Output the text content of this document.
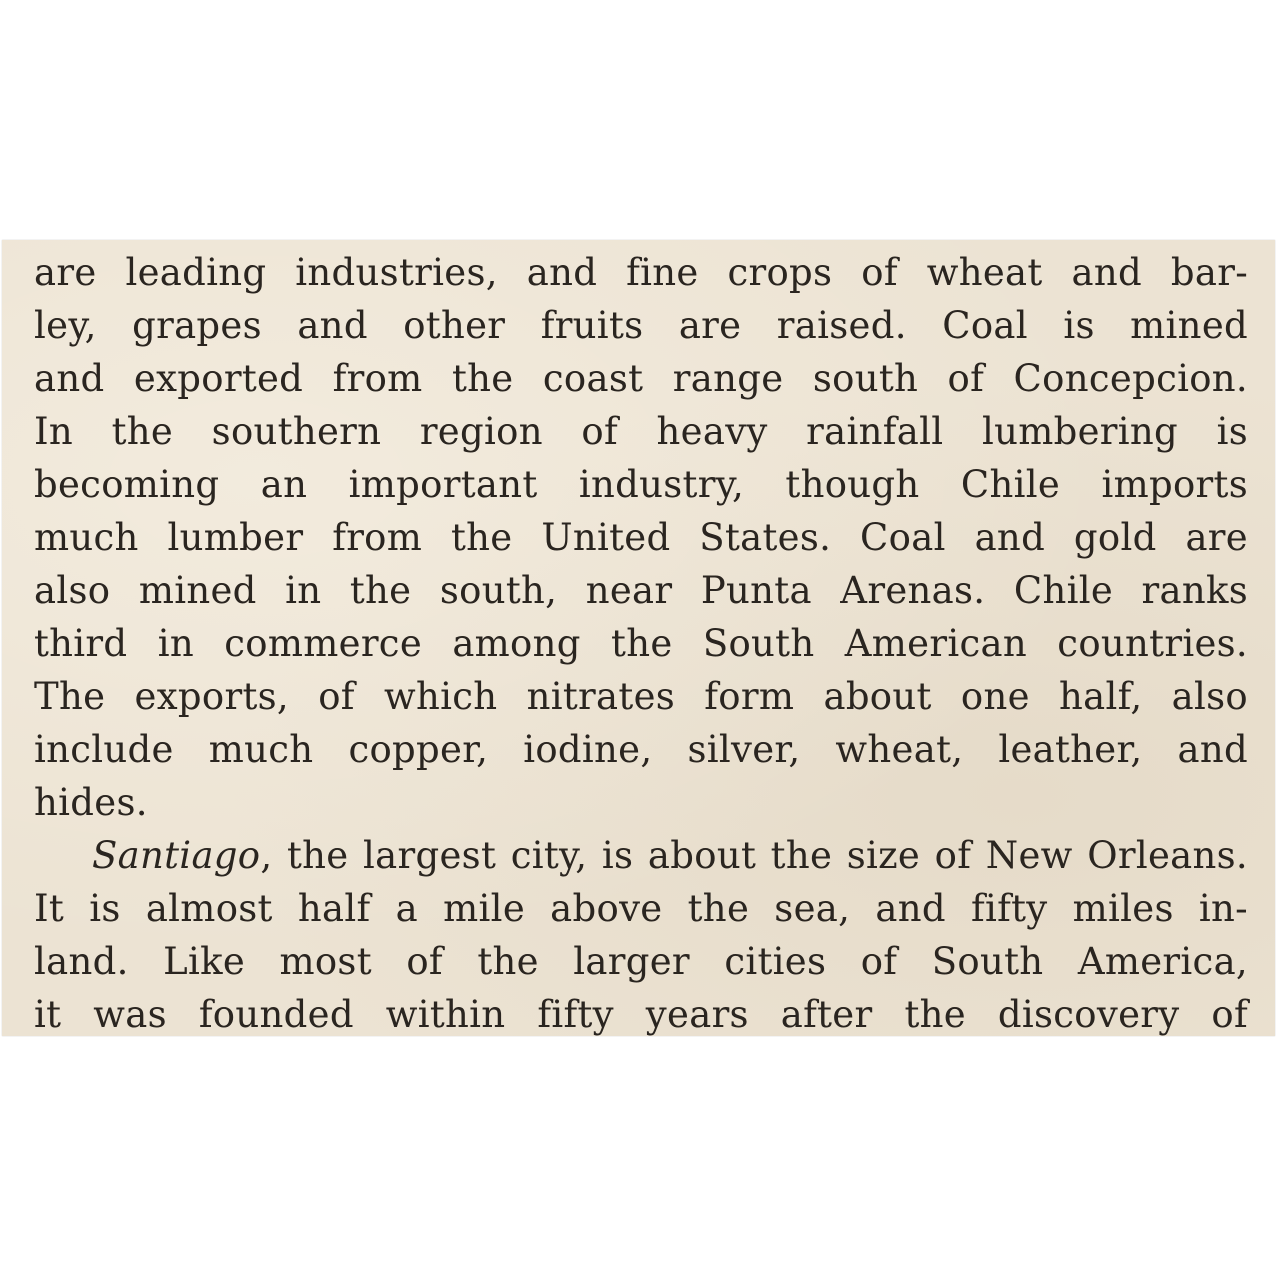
are leading industries, and fine crops of wheat and bar-
ley, grapes and other fruits are raised. Coal is mined
and exported from the coast range south of Concepcion.
In the southern region of heavy rainfall lumbering is
becoming an important industry, though Chile imports
much lumber from the United States. Coal and gold are
also mined in the south, near Punta Arenas. Chile ranks
third in commerce among the South American countries.
The exports, of which nitrates form about one half, also
include much copper, iodine, silver, wheat, leather, and
hides.
Santiago, the largest city, is about the size of New Orleans.
It is almost half a mile above the sea, and fifty miles in-
land. Like most of the larger cities of South America,
it was founded within fifty years after the discovery of
